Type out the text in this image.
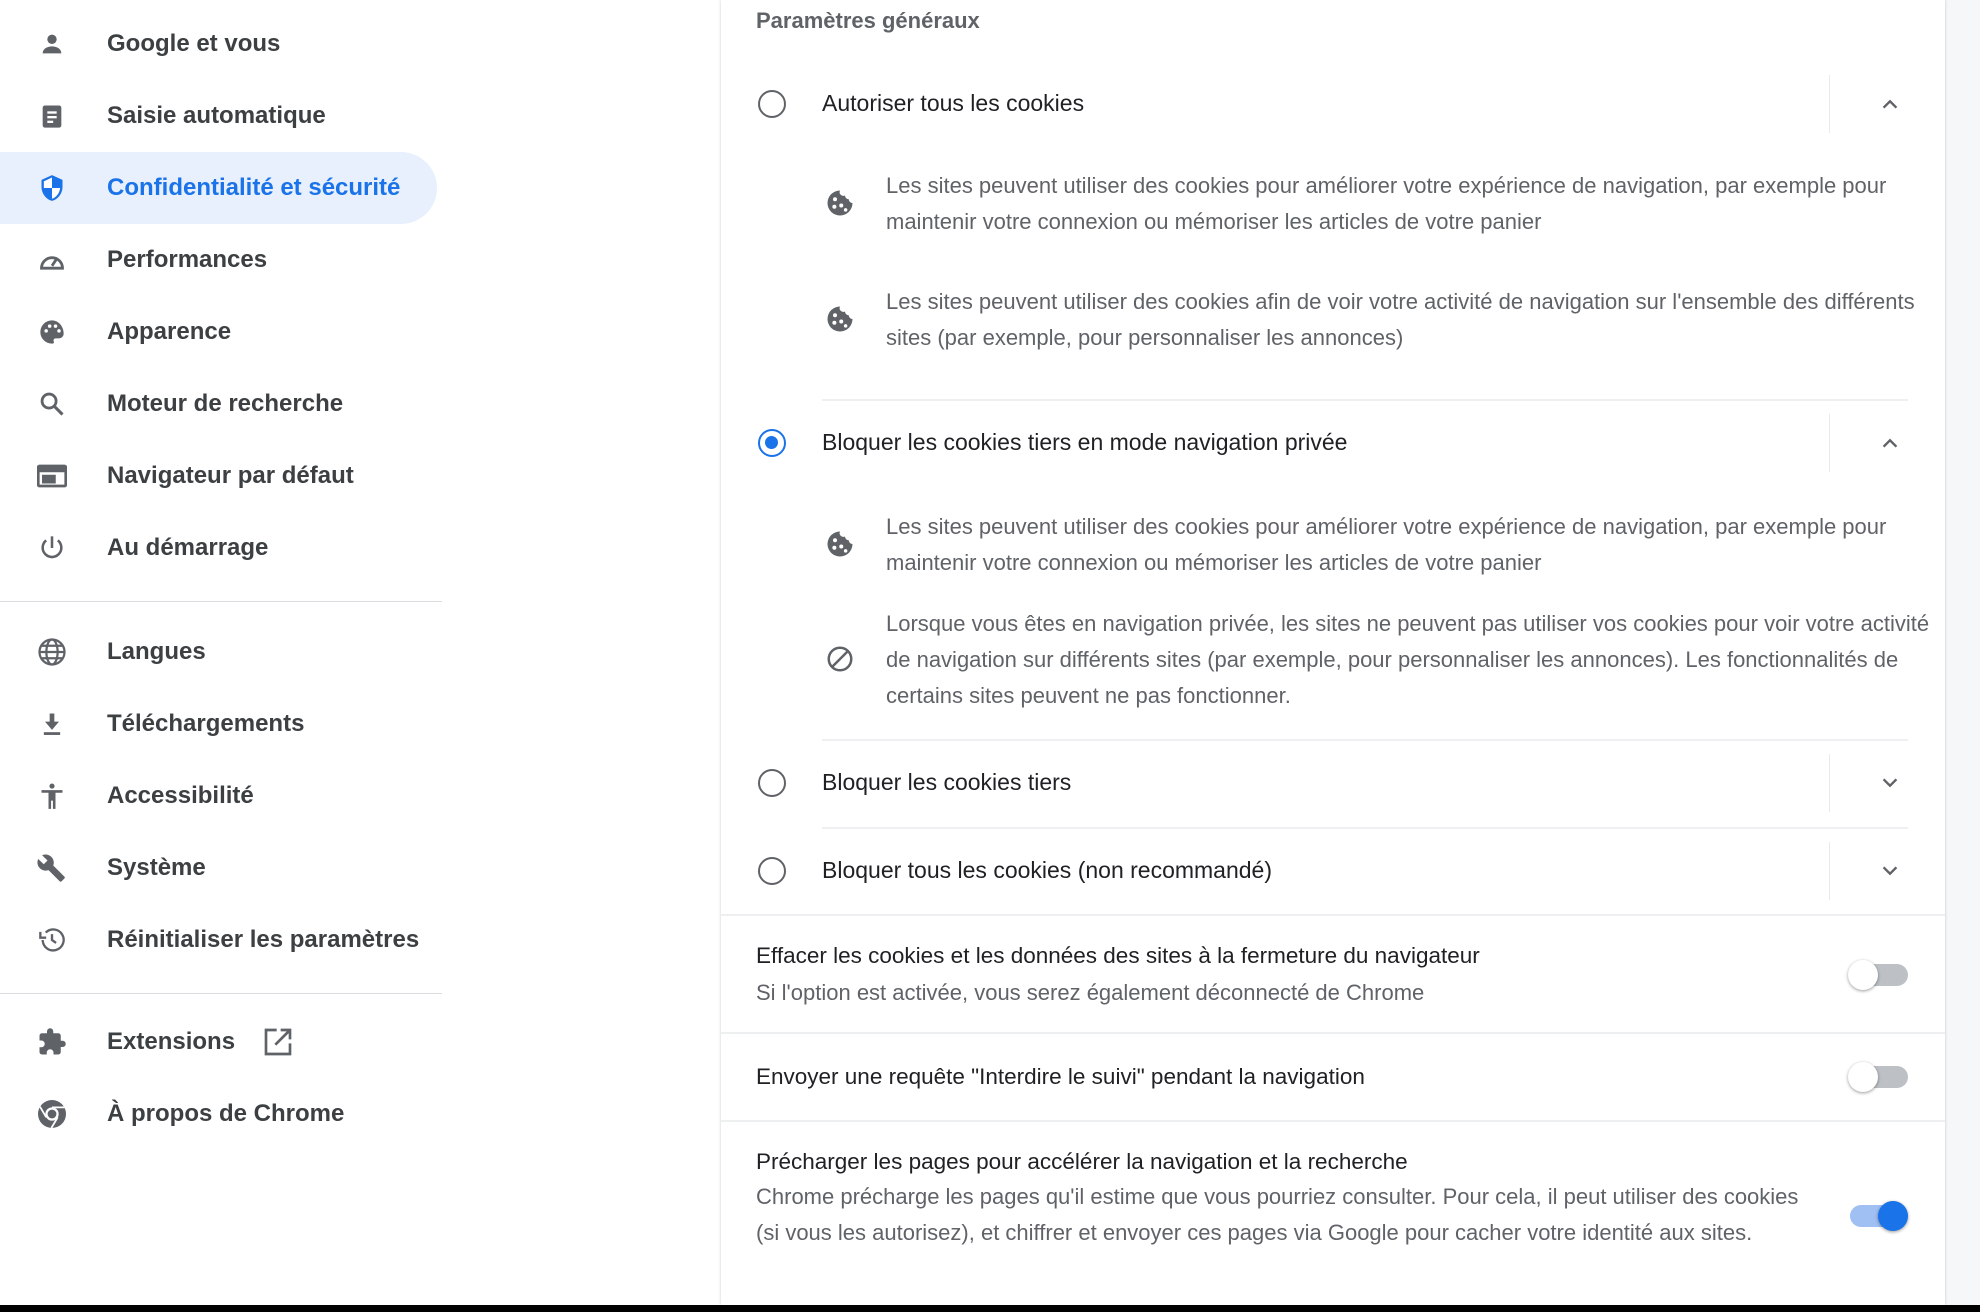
Google et vous
Saisie automatique
Confidentialité et sécurité
Performances
Apparence
Moteur de recherche
Navigateur par défaut
Au démarrage
Langues
Téléchargements
Accessibilité
Système
Réinitialiser les paramètres
Extensions
À propos de Chrome
Paramètres généraux
Autoriser tous les cookies
Les sites peuvent utiliser des cookies pour améliorer votre expérience de navigation, par exemple pour maintenir votre connexion ou mémoriser les articles de votre panier
Les sites peuvent utiliser des cookies afin de voir votre activité de navigation sur l'ensemble des différents sites (par exemple, pour personnaliser les annonces)
Bloquer les cookies tiers en mode navigation privée
Les sites peuvent utiliser des cookies pour améliorer votre expérience de navigation, par exemple pour maintenir votre connexion ou mémoriser les articles de votre panier
Lorsque vous êtes en navigation privée, les sites ne peuvent pas utiliser vos cookies pour voir votre activité de navigation sur différents sites (par exemple, pour personnaliser les annonces). Les fonctionnalités de certains sites peuvent ne pas fonctionner.
Bloquer les cookies tiers
Bloquer tous les cookies (non recommandé)
Effacer les cookies et les données des sites à la fermeture du navigateur
Si l'option est activée, vous serez également déconnecté de Chrome
Envoyer une requête "Interdire le suivi" pendant la navigation
Précharger les pages pour accélérer la navigation et la recherche
Chrome précharge les pages qu'il estime que vous pourriez consulter. Pour cela, il peut utiliser des cookies (si vous les autorisez), et chiffrer et envoyer ces pages via Google pour cacher votre identité aux sites.
